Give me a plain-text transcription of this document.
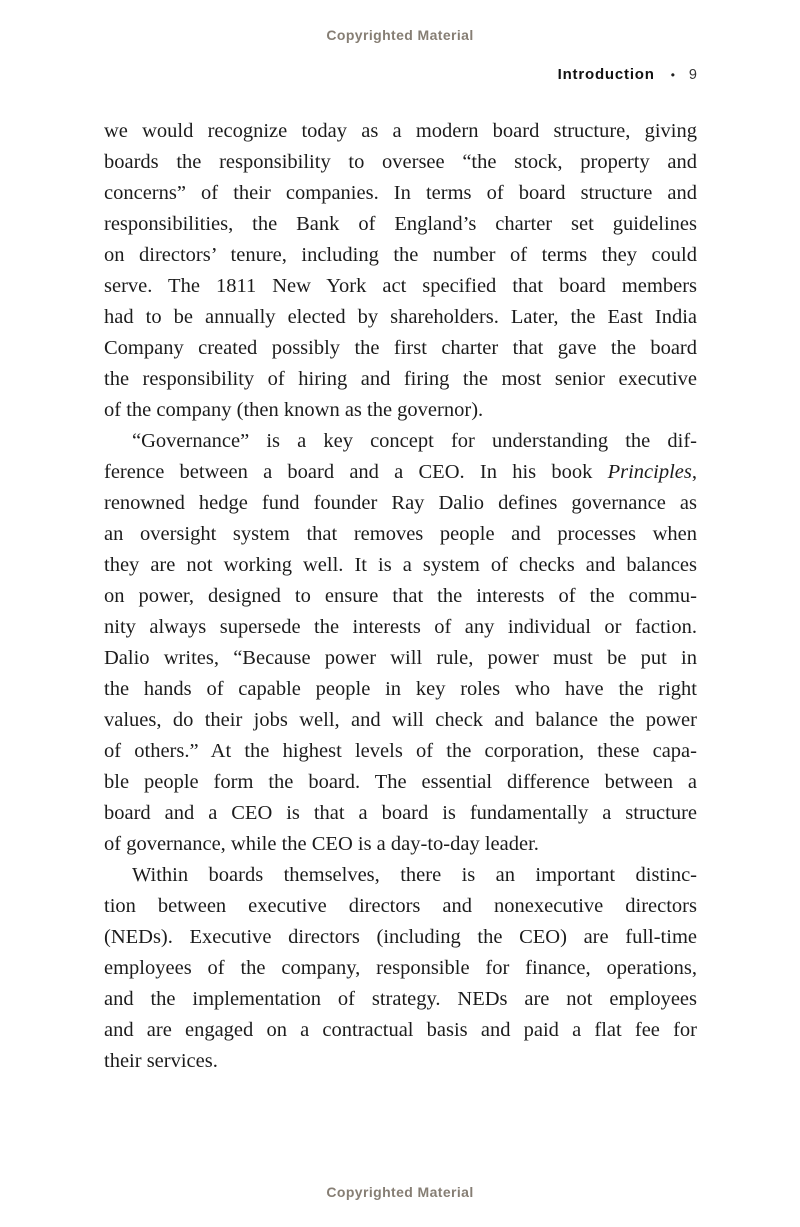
Copyrighted Material
Introduction • 9
we would recognize today as a modern board structure, giving
boards the responsibility to oversee “the stock, property and
concerns” of their companies. In terms of board structure and
responsibilities, the Bank of England’s charter set guidelines
on directors’ tenure, including the number of terms they could
serve. The 1811 New York act specified that board members
had to be annually elected by shareholders. Later, the East India
Company created possibly the first charter that gave the board
the responsibility of hiring and firing the most senior executive
of the company (then known as the governor).
“Governance” is a key concept for understanding the dif-
ference between a board and a CEO. In his book Principles,
renowned hedge fund founder Ray Dalio defines governance as
an oversight system that removes people and processes when
they are not working well. It is a system of checks and balances
on power, designed to ensure that the interests of the commu-
nity always supersede the interests of any individual or faction.
Dalio writes, “Because power will rule, power must be put in
the hands of capable people in key roles who have the right
values, do their jobs well, and will check and balance the power
of others.” At the highest levels of the corporation, these capa-
ble people form the board. The essential difference between a
board and a CEO is that a board is fundamentally a structure
of governance, while the CEO is a day-to-day leader.
Within boards themselves, there is an important distinc-
tion between executive directors and nonexecutive directors
(NEDs). Executive directors (including the CEO) are full-time
employees of the company, responsible for finance, operations,
and the implementation of strategy. NEDs are not employees
and are engaged on a contractual basis and paid a flat fee for
their services.
Copyrighted Material
